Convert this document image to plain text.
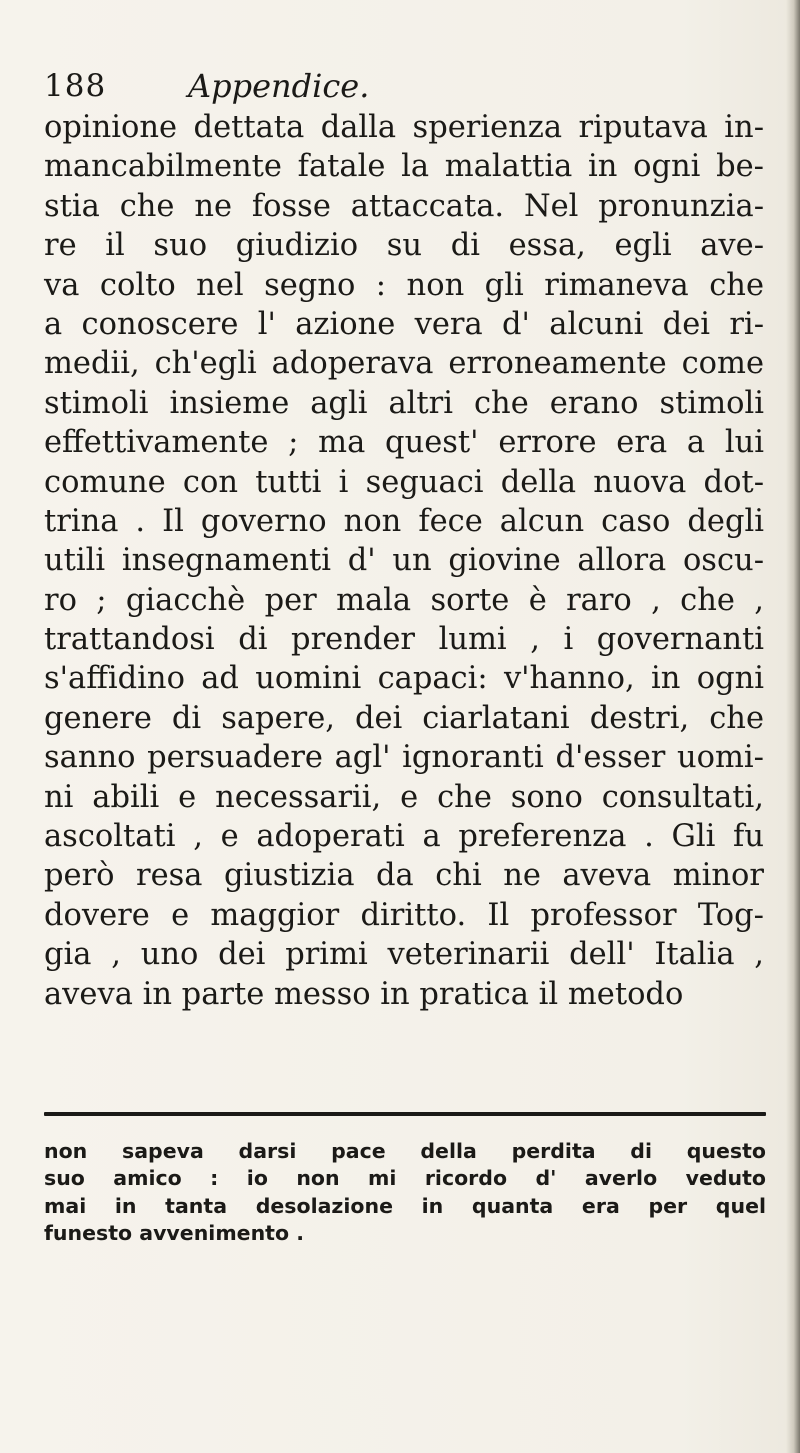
188	Appendice.
opinione dettata dalla sperienza riputava in-
mancabilmente fatale la malattia in ogni be-
stia che ne fosse attaccata. Nel pronunzia-
re il suo giudizio su di essa, egli ave-
va colto nel segno : non gli rimaneva che
a conoscere l' azione vera d' alcuni dei ri-
medii, ch'egli adoperava erroneamente come
stimoli insieme agli altri che erano stimoli
effettivamente ; ma quest' errore era a lui
comune con tutti i seguaci della nuova dot-
trina . Il governo non fece alcun caso degli
utili insegnamenti d' un giovine allora oscu-
ro ; giacchè per mala sorte è raro , che ,
trattandosi di prender lumi , i governanti
s'affidino ad uomini capaci: v'hanno, in ogni
genere di sapere, dei ciarlatani destri, che
sanno persuadere agl' ignoranti d'esser uomi-
ni abili e necessarii, e che sono consultati,
ascoltati , e adoperati a preferenza . Gli fu
però resa giustizia da chi ne aveva minor
dovere e maggior diritto. Il professor Tog-
gia , uno dei primi veterinarii dell' Italia ,
aveva in parte messo in pratica il metodo
non sapeva darsi pace della perdita di questo
suo amico : io non mi ricordo d' averlo veduto
mai in tanta desolazione in quanta era per quel
funesto avvenimento .
